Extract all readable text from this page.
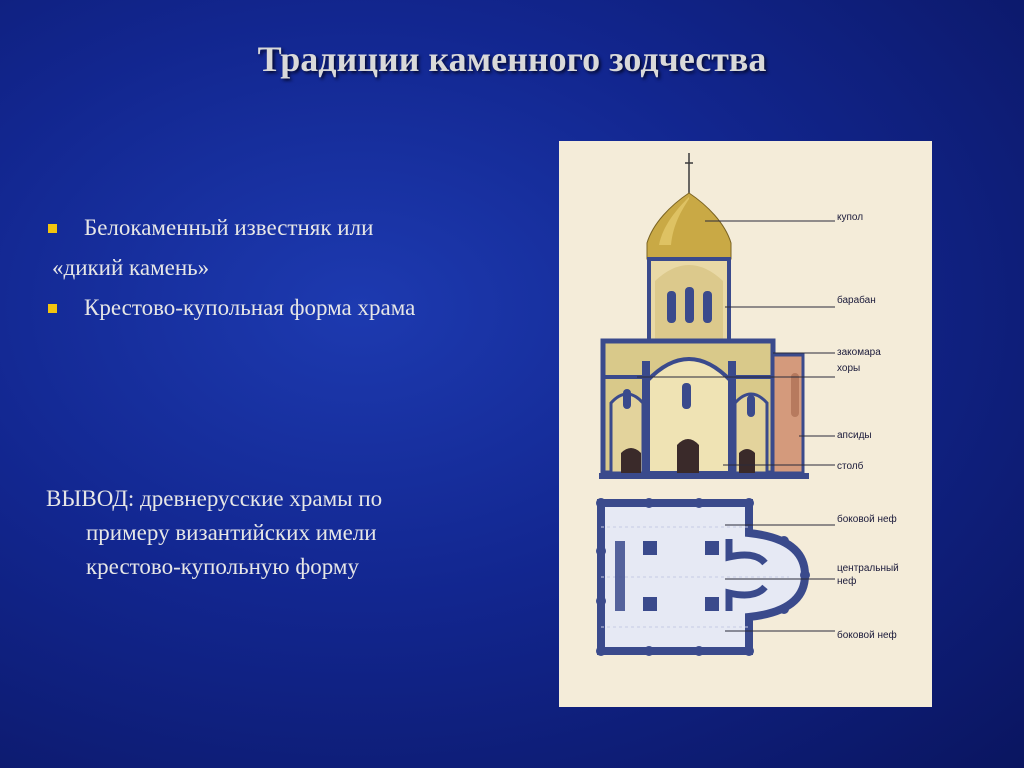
Традиции каменного зодчества
Белокаменный известняк или
«дикий камень»
Крестово-купольная форма храма
ВЫВОД: древнерусские храмы по
примеру византийских имели
крестово-купольную форму
купол
барабан
закомара
хоры
апсиды
столб
боковой неф
центральный
неф
боковой неф
